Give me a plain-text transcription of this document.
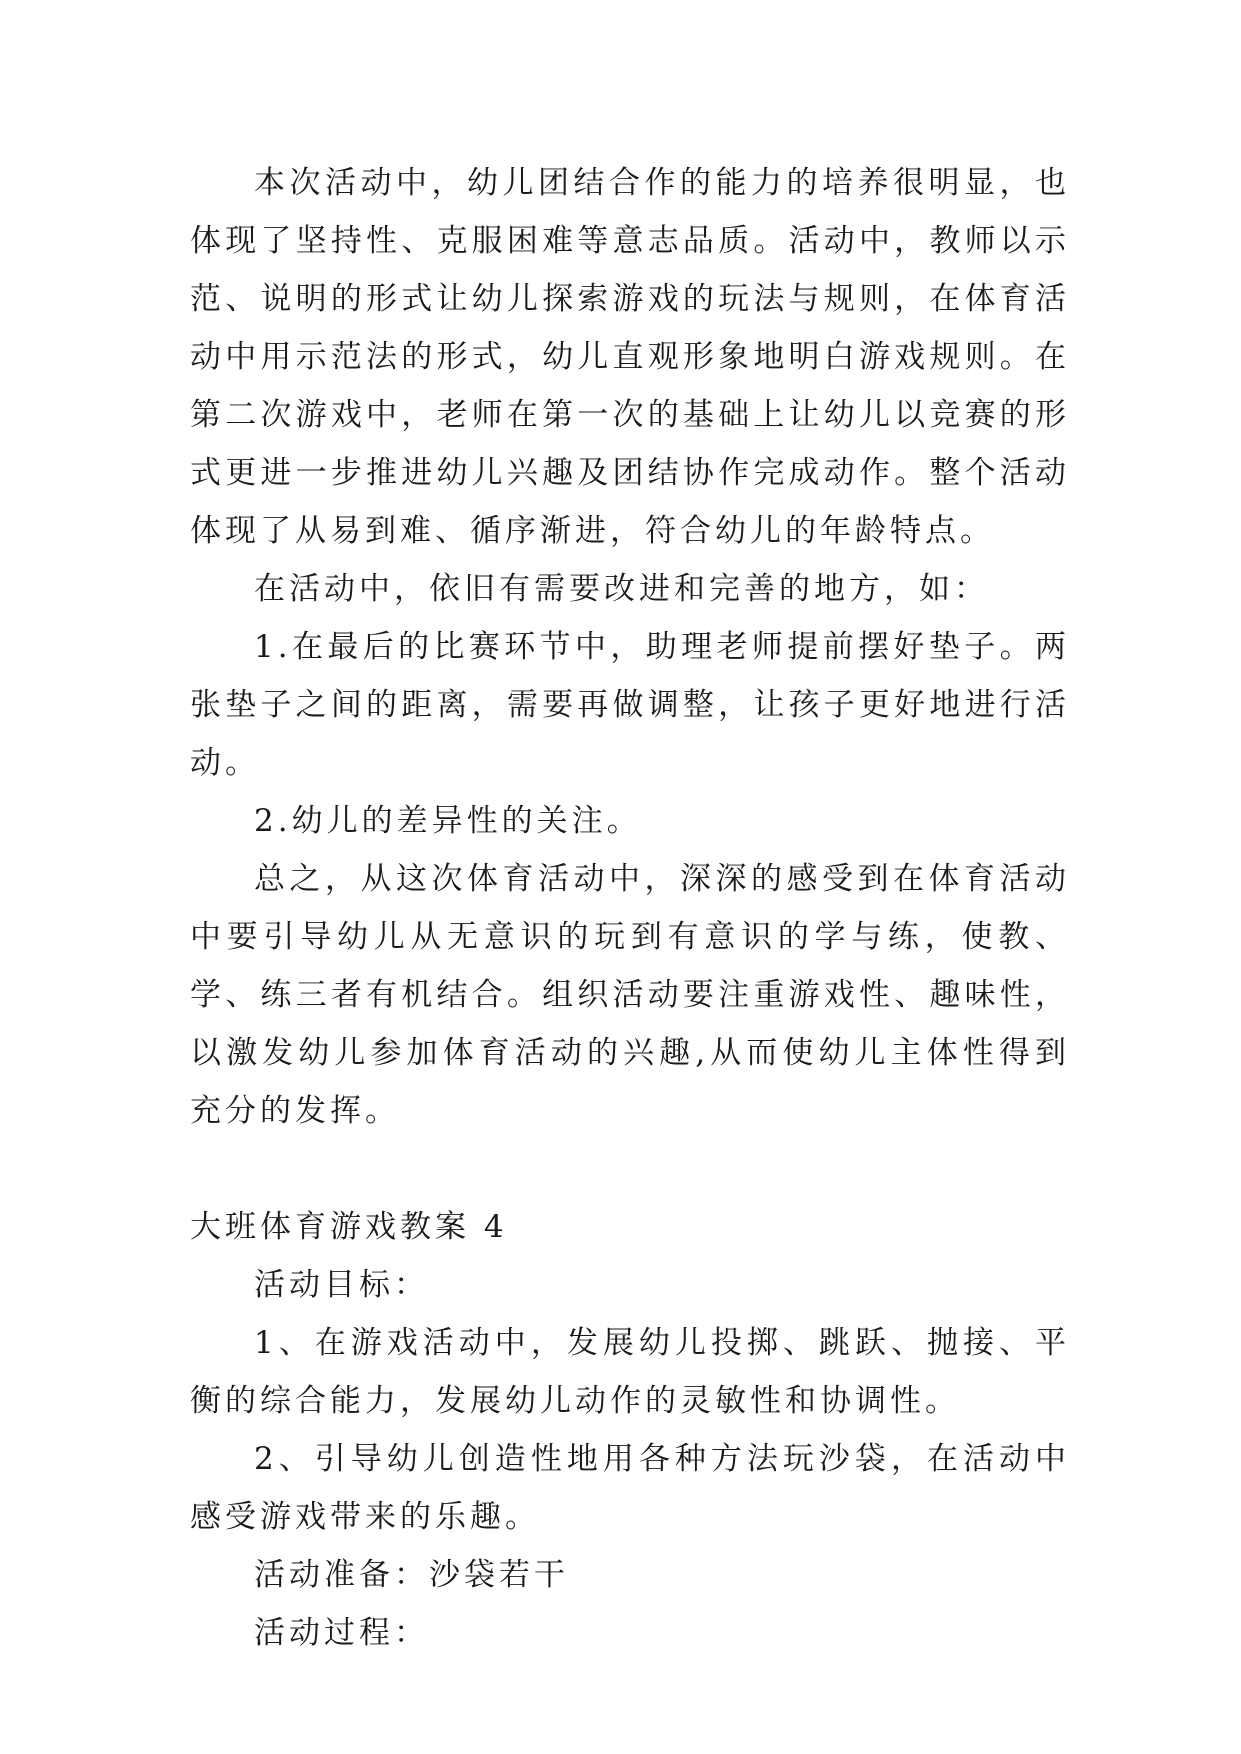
本次活动中，幼儿团结合作的能力的培养很明显，也体现了坚持性、克服困难等意志品质。活动中，教师以示范、说明的形式让幼儿探索游戏的玩法与规则，在体育活动中用示范法的形式，幼儿直观形象地明白游戏规则。在第二次游戏中，老师在第一次的基础上让幼儿以竞赛的形式更进一步推进幼儿兴趣及团结协作完成动作。整个活动体现了从易到难、循序渐进，符合幼儿的年龄特点。

在活动中，依旧有需要改进和完善的地方，如：

1.在最后的比赛环节中，助理老师提前摆好垫子。两张垫子之间的距离，需要再做调整，让孩子更好地进行活动。

2.幼儿的差异性的关注。

总之，从这次体育活动中，深深的感受到在体育活动中要引导幼儿从无意识的玩到有意识的学与练，使教、学、练三者有机结合。组织活动要注重游戏性、趣味性，以激发幼儿参加体育活动的兴趣,从而使幼儿主体性得到充分的发挥。

大班体育游戏教案 4

活动目标：

1、在游戏活动中，发展幼儿投掷、跳跃、抛接、平衡的综合能力，发展幼儿动作的灵敏性和协调性。

2、引导幼儿创造性地用各种方法玩沙袋，在活动中感受游戏带来的乐趣。

活动准备：沙袋若干

活动过程：
